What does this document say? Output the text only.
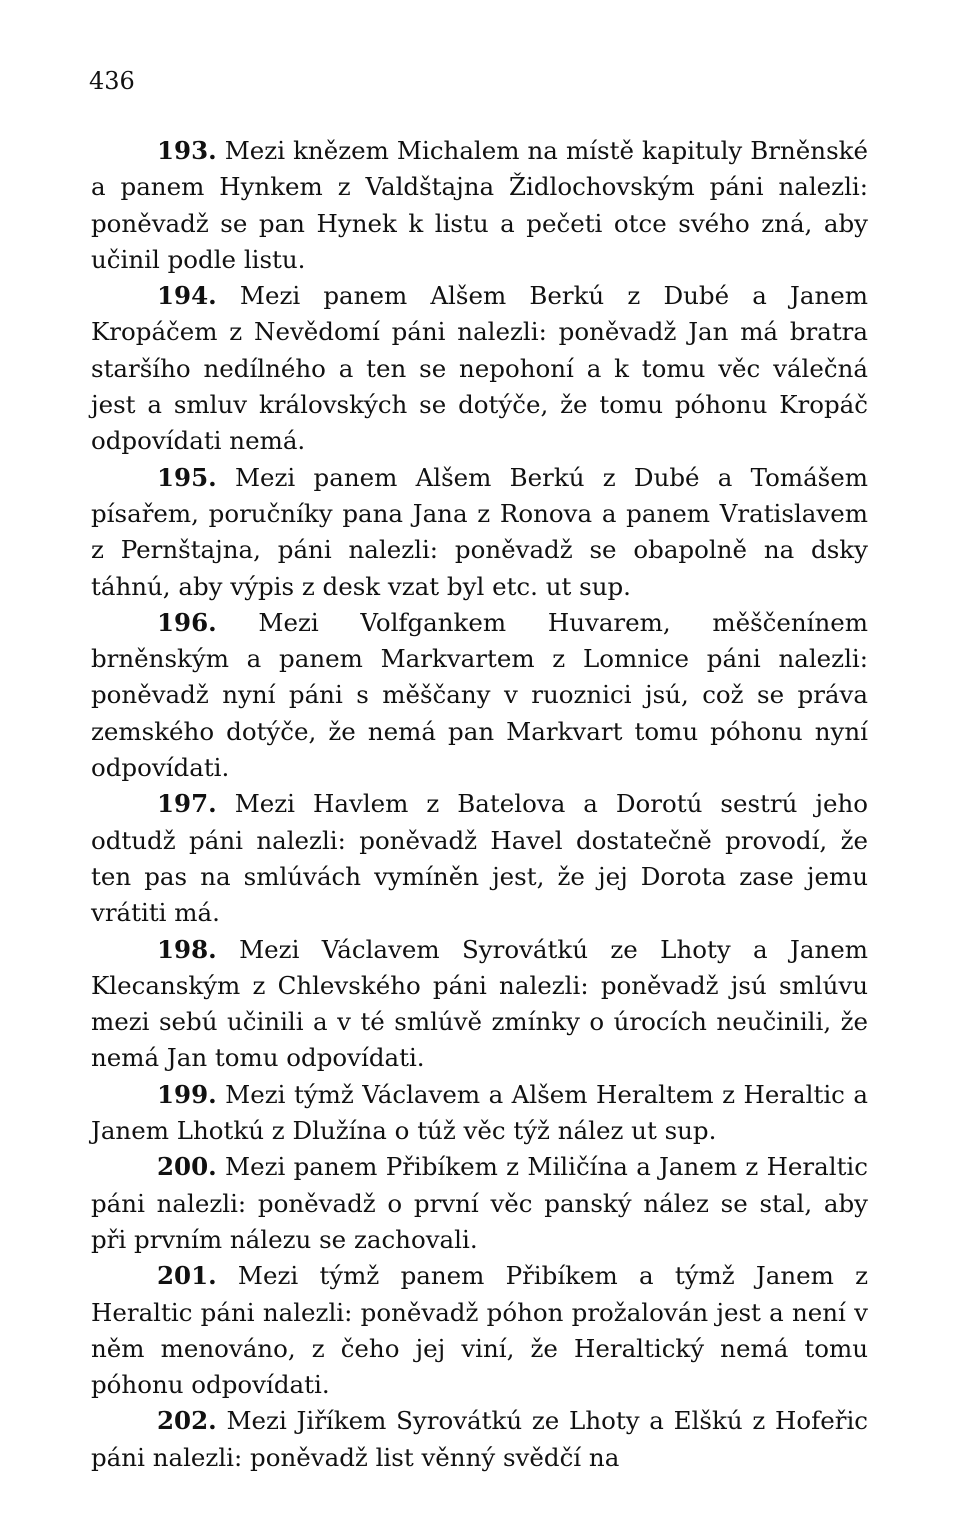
436

193. Mezi knězem Michalem na místě kapituly Brněnské a panem Hynkem z Valdštajna Židlochovským páni nalezli: poněvadž se pan Hynek k listu a pečeti otce svého zná, aby učinil podle listu.

194. Mezi panem Alšem Berkú z Dubé a Janem Kropáčem z Nevědomí páni nalezli: poněvadž Jan má bratra staršího nedílného a ten se nepohoní a k tomu věc válečná jest a smluv královských se dotýče, že tomu póhonu Kropáč odpovídati nemá.

195. Mezi panem Alšem Berkú z Dubé a Tomášem písařem, poručníky pana Jana z Ronova a panem Vratislavem z Pernštajna, páni nalezli: poněvadž se obapolně na dsky táhnú, aby výpis z desk vzat byl etc. ut sup.

196. Mezi Volfgankem Huvarem, měščenínem brněnským a panem Markvartem z Lomnice páni nalezli: poněvadž nyní páni s měščany v ruoznici jsú, což se práva zemského dotýče, že nemá pan Markvart tomu póhonu nyní odpovídati.

197. Mezi Havlem z Batelova a Dorotú sestrú jeho odtudž páni nalezli: poněvadž Havel dostatečně provodí, že ten pas na smlúvách vymíněn jest, že jej Dorota zase jemu vrátiti má.

198. Mezi Václavem Syrovátkú ze Lhoty a Janem Klecanským z Chlevského páni nalezli: poněvadž jsú smlúvu mezi sebú učinili a v té smlúvě zmínky o úrocích neučinili, že nemá Jan tomu odpovídati.

199. Mezi týmž Václavem a Alšem Heraltem z Heraltic a Janem Lhotkú z Dlužína o túž věc týž nález ut sup.

200. Mezi panem Přibíkem z Miličína a Janem z Heraltic páni nalezli: poněvadž o první věc panský nález se stal, aby při prvním nálezu se zachovali.

201. Mezi týmž panem Přibíkem a týmž Janem z Heraltic páni nalezli: poněvadž póhon prožalován jest a není v něm menováno, z čeho jej viní, že Heraltický nemá tomu póhonu odpovídati.

202. Mezi Jiříkem Syrovátkú ze Lhoty a Elškú z Hofeřic páni nalezli: poněvadž list věnný svědčí na
